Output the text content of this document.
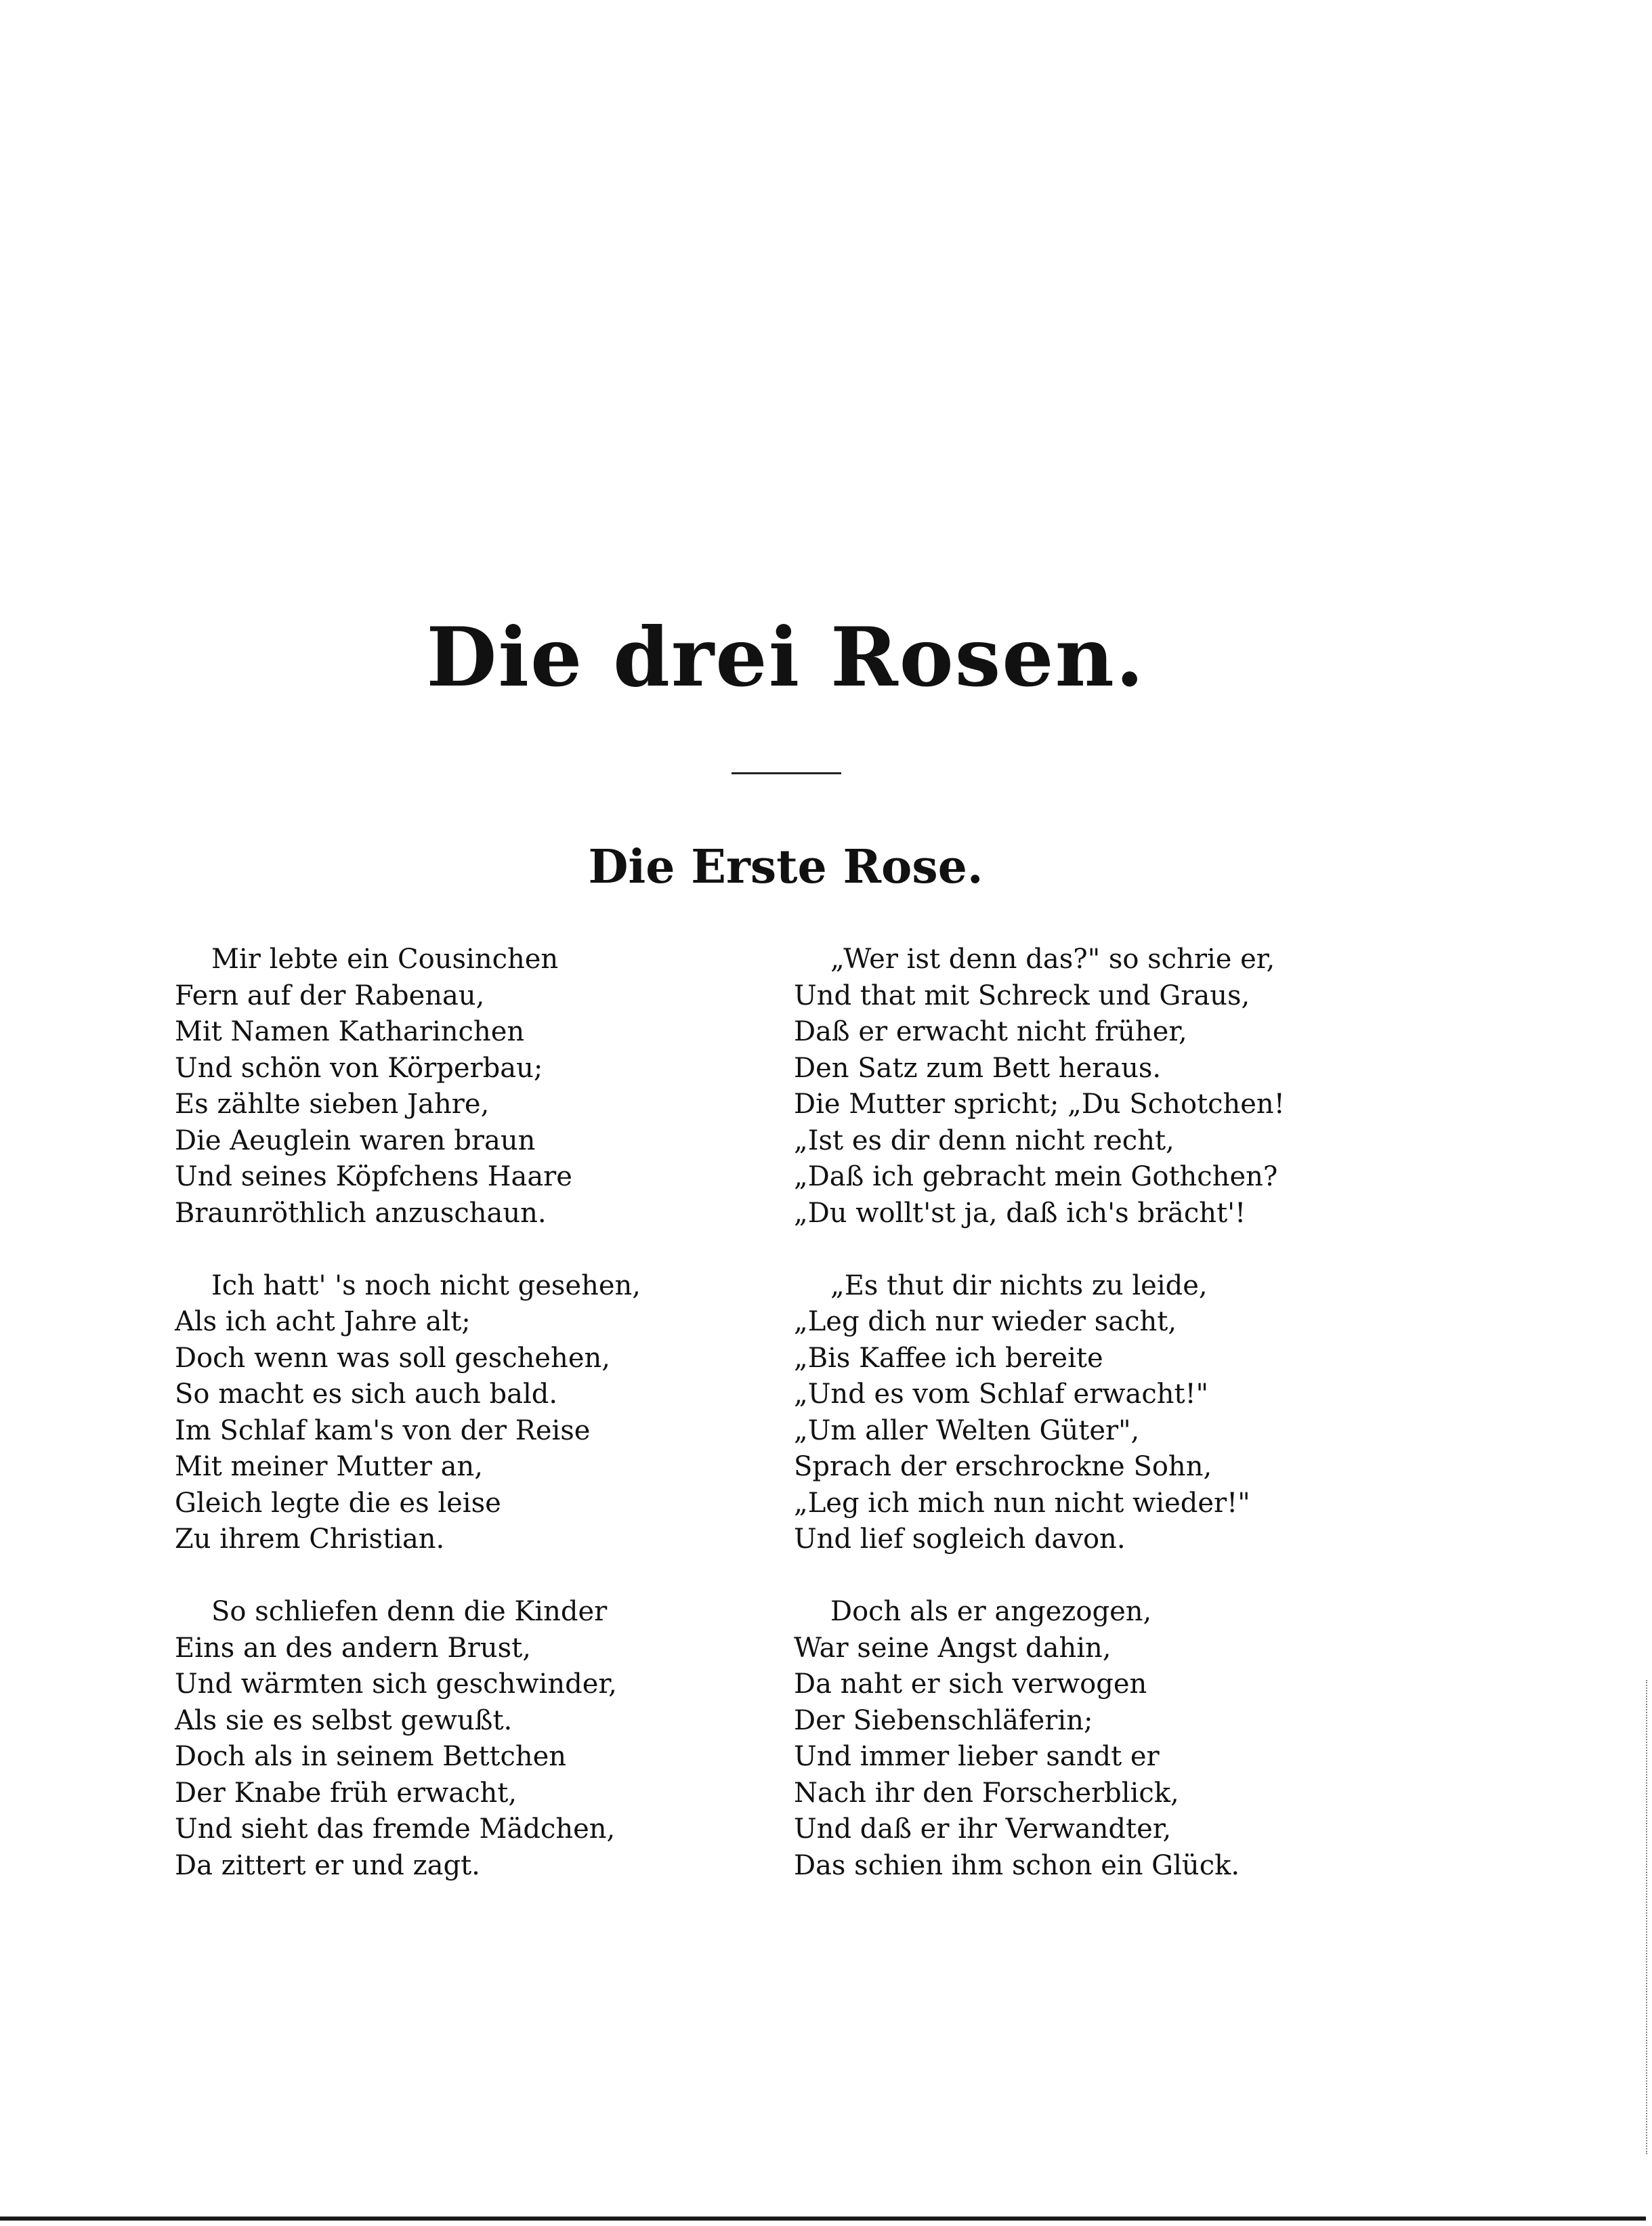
Die drei Rosen.
Die Erste Rose.
Mir lebte ein Cousinchen
Fern auf der Rabenau,
Mit Namen Katharinchen
Und schön von Körperbau;
Es zählte sieben Jahre,
Die Aeuglein waren braun
Und seines Köpfchens Haare
Braunröthlich anzuschaun.
Ich hatt' 's noch nicht gesehen,
Als ich acht Jahre alt;
Doch wenn was soll geschehen,
So macht es sich auch bald.
Im Schlaf kam's von der Reise
Mit meiner Mutter an,
Gleich legte die es leise
Zu ihrem Christian.
So schliefen denn die Kinder
Eins an des andern Brust,
Und wärmten sich geschwinder,
Als sie es selbst gewußt.
Doch als in seinem Bettchen
Der Knabe früh erwacht,
Und sieht das fremde Mädchen,
Da zittert er und zagt.
„Wer ist denn das?" so schrie er,
Und that mit Schreck und Graus,
Daß er erwacht nicht früher,
Den Satz zum Bett heraus.
Die Mutter spricht; „Du Schotchen!
„Ist es dir denn nicht recht,
„Daß ich gebracht mein Gothchen?
„Du wollt'st ja, daß ich's brächt'!
„Es thut dir nichts zu leide,
„Leg dich nur wieder sacht,
„Bis Kaffee ich bereite
„Und es vom Schlaf erwacht!"
„Um aller Welten Güter",
Sprach der erschrockne Sohn,
„Leg ich mich nun nicht wieder!"
Und lief sogleich davon.
Doch als er angezogen,
War seine Angst dahin,
Da naht er sich verwogen
Der Siebenschläferin;
Und immer lieber sandt er
Nach ihr den Forscherblick,
Und daß er ihr Verwandter,
Das schien ihm schon ein Glück.
